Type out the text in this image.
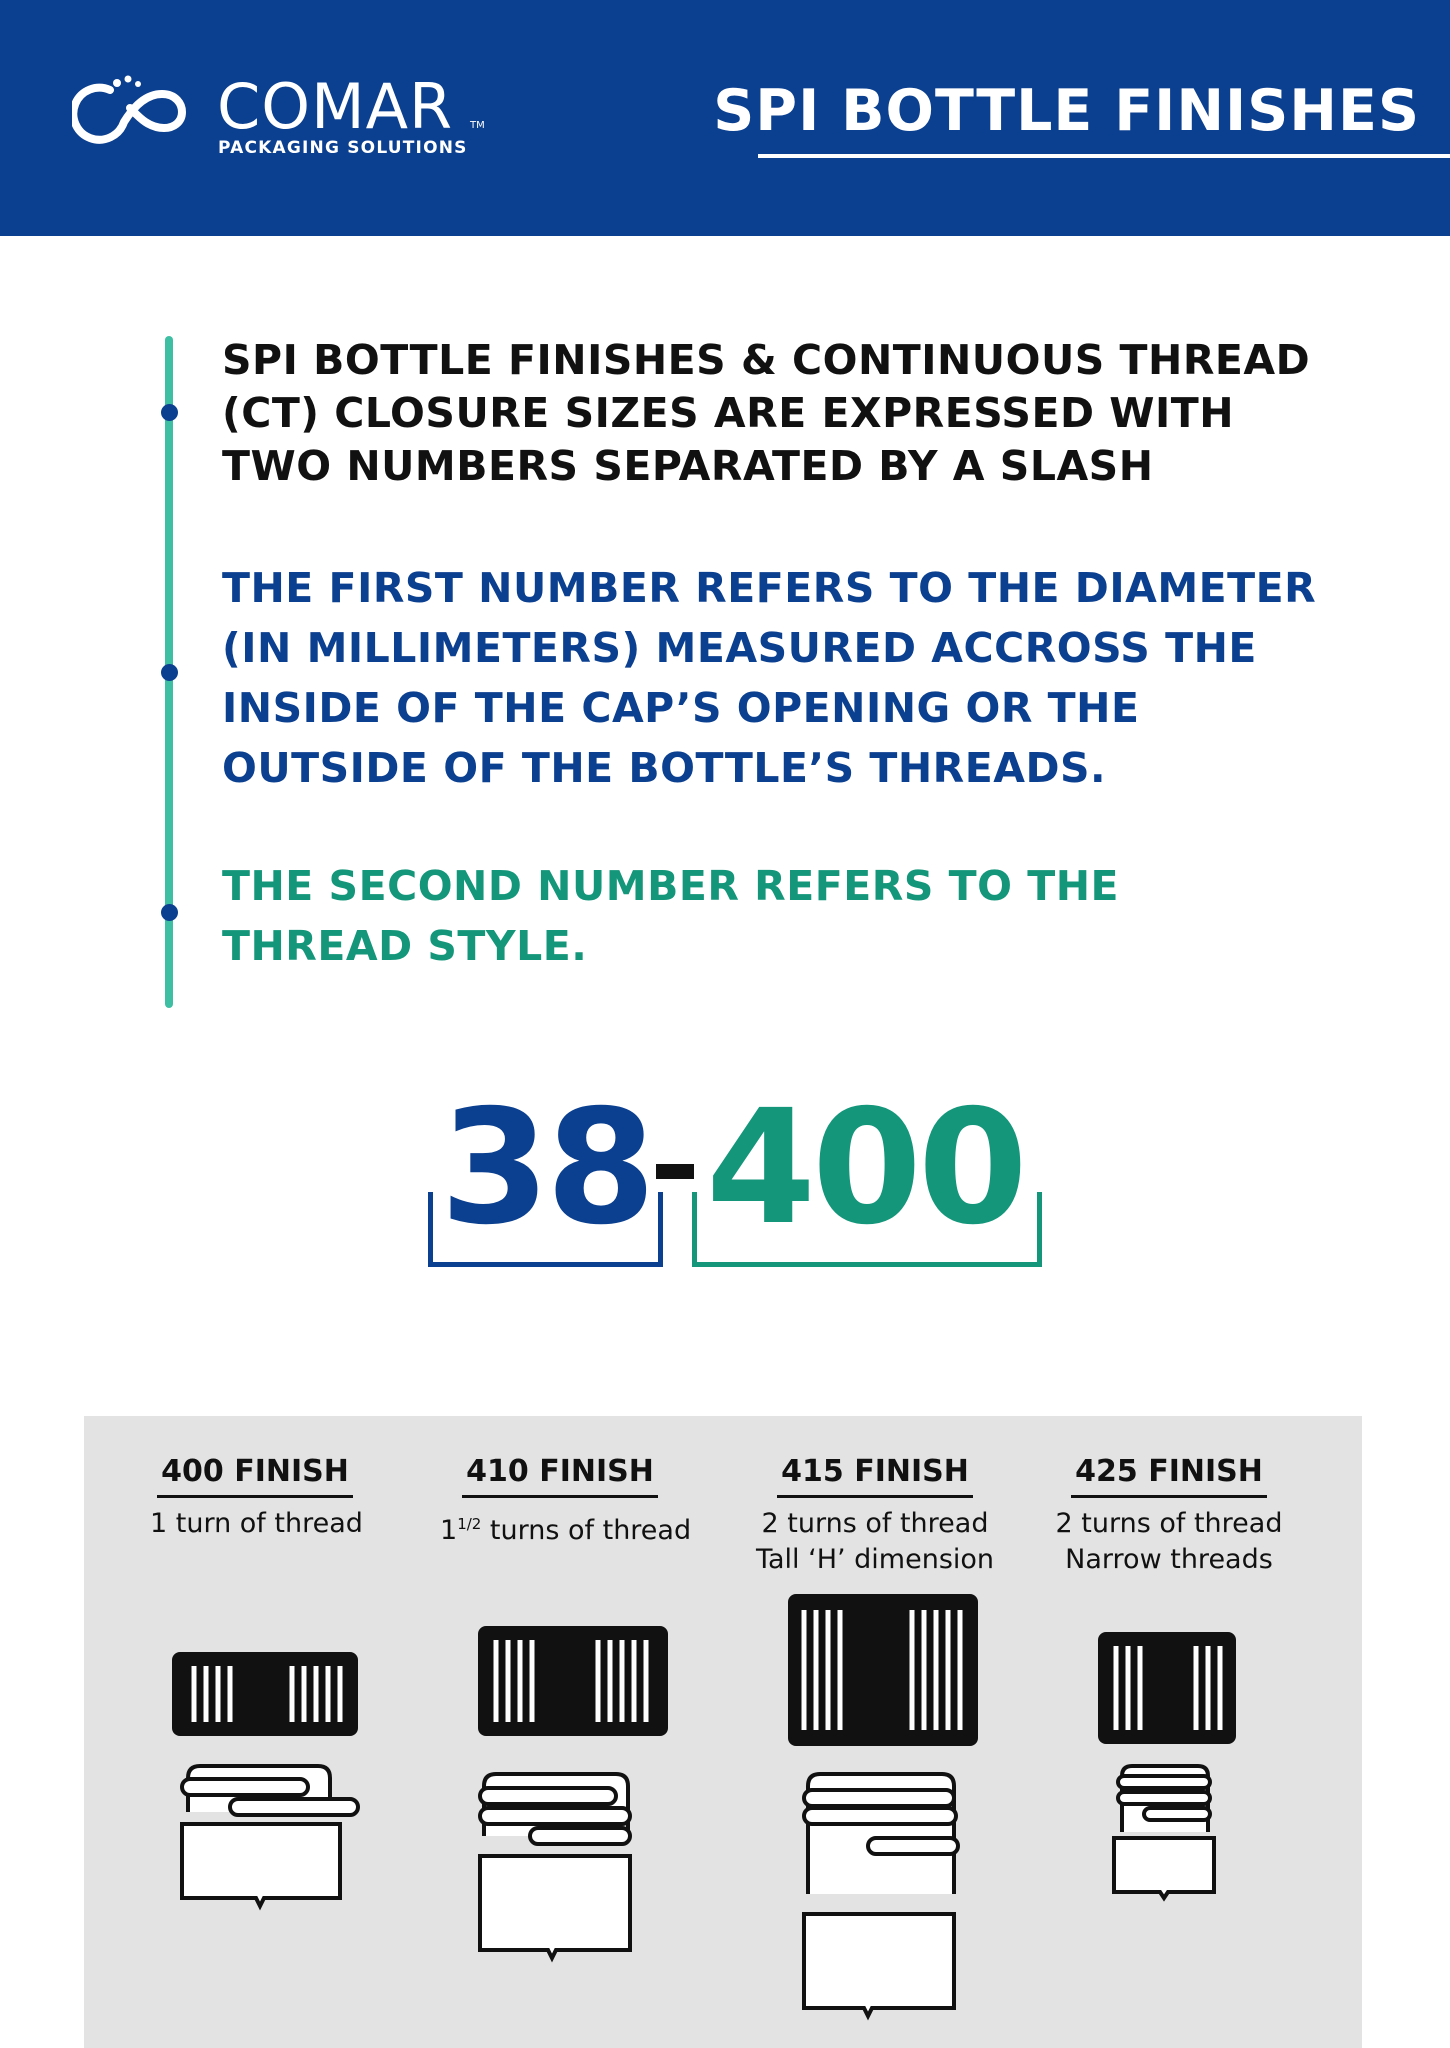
COMAR TM
PACKAGING SOLUTIONS
SPI BOTTLE FINISHES

SPI BOTTLE FINISHES & CONTINUOUS THREAD
(CT) CLOSURE SIZES ARE EXPRESSED WITH
TWO NUMBERS SEPARATED BY A SLASH

THE FIRST NUMBER REFERS TO THE DIAMETER
(IN MILLIMETERS) MEASURED ACCROSS THE
INSIDE OF THE CAP’S OPENING OR THE
OUTSIDE OF THE BOTTLE’S THREADS.

THE SECOND NUMBER REFERS TO THE
THREAD STYLE.

38 400
400 FINISH
1 turn of thread
410 FINISH
$1^{1/2}$ turns of thread
415 FINISH
2 turns of thread
Tall ‘H’ dimension
425 FINISH
2 turns of thread
Narrow threads
